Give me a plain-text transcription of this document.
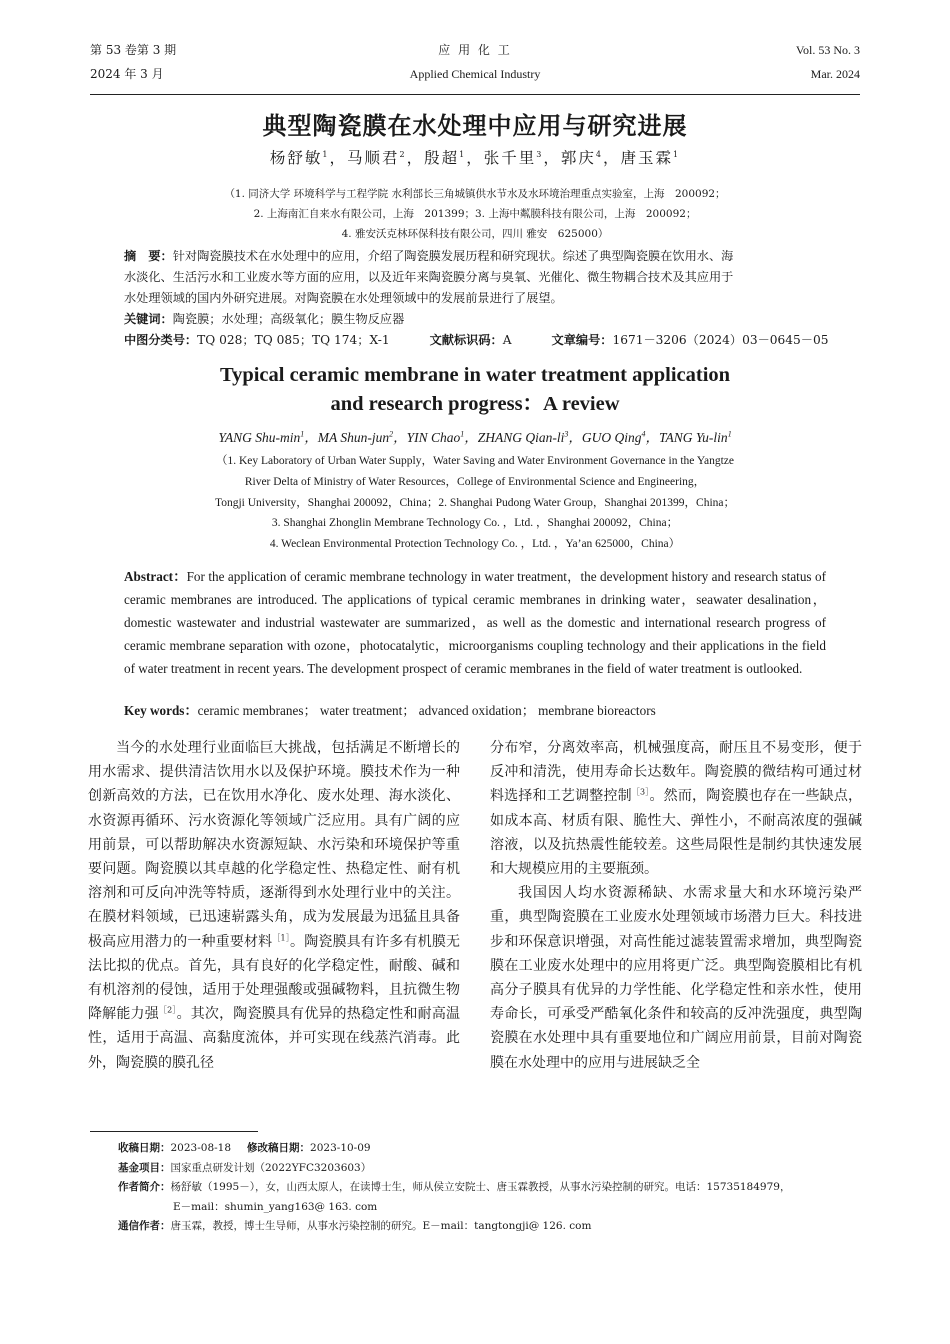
第 53 卷第 3 期
2024 年 3 月
应 用 化 工
Applied Chemical Industry
Vol. 53 No. 3
Mar. 2024
典型陶瓷膜在水处理中应用与研究进展
杨舒敏$^1$，马顺君$^2$，殷超$^1$，张千里$^3$，郭庆$^4$，唐玉霖$^1$
（1. 同济大学 环境科学与工程学院 水利部长三角城镇供水节水及水环境治理重点实验室，上海　200092；
2. 上海南汇自来水有限公司，上海　201399；3. 上海中粼膜科技有限公司，上海　200092；
4. 雅安沃克林环保科技有限公司，四川 雅安　625000）
摘　要：针对陶瓷膜技术在水处理中的应用，介绍了陶瓷膜发展历程和研究现状。综述了典型陶瓷膜在饮用水、海
水淡化、生活污水和工业废水等方面的应用，以及近年来陶瓷膜分离与臭氧、光催化、微生物耦合技术及其应用于
水处理领域的国内外研究进展。对陶瓷膜在水处理领域中的发展前景进行了展望。
关键词：陶瓷膜；水处理；高级氧化；膜生物反应器
中图分类号：TQ 028；TQ 085；TQ 174；X-1	文献标识码：A	文章编号：1671－3206（2024）03－0645－05
Typical ceramic membrane in water treatment application
and research progress：A review
YANG Shu-$\min^1$，MA Shun-jun$^2$，YIN Chao$^1$，ZHANG Qian-$li^3$，GUO Qing$^4$，TANG Yu-lin$^1$
（1. Key Laboratory of Urban Water Supply，Water Saving and Water Environment Governance in the Yangtze
River Delta of Ministry of Water Resources，College of Environmental Science and Engineering，
Tongji University，Shanghai 200092，China；2. Shanghai Pudong Water Group，Shanghai 201399，China；
3. Shanghai Zhonglin Membrane Technology Co. ，Ltd. ，Shanghai 200092，China；
4. Weclean Environmental Protection Technology Co. ，Ltd. ，Ya’an 625000，China）
Abstract：For the application of ceramic membrane technology in water treatment，the development history and research status of ceramic membranes are introduced. The applications of typical ceramic membranes in drinking water，seawater desalination，domestic wastewater and industrial wastewater are summarized，as well as the domestic and international research progress of ceramic membrane separation with ozone，photocatalytic，microorganisms coupling technology and their applications in the field of water treatment in recent years. The development prospect of ceramic membranes in the field of water treatment is outlooked.
Key words：ceramic membranes； water treatment； advanced oxidation； membrane bioreactors

当今的水处理行业面临巨大挑战，包括满足不断增长的用水需求、提供清洁饮用水以及保护环境。膜技术作为一种创新高效的方法，已在饮用水净化、废水处理、海水淡化、水资源再循环、污水资源化等领域广泛应用。具有广阔的应用前景，可以帮助解决水资源短缺、水污染和环境保护等重要问题。陶瓷膜以其卓越的化学稳定性、热稳定性、耐有机溶剂和可反向冲洗等特质，逐渐得到水处理行业中的关注。在膜材料领域，已迅速崭露头角，成为发展最为迅猛且具备极高应用潜力的一种重要材料$^{[1]}$。陶瓷膜具有许多有机膜无法比拟的优点。首先，具有良好的化学稳定性，耐酸、碱和有机溶剂的侵蚀，适用于处理强酸或强碱物料，且抗微生物降解能力强$^{[2]}$。其次，陶瓷膜具有优异的热稳定性和耐高温性，适用于高温、高黏度流体，并可实现在线蒸汽消毒。此外，陶瓷膜的膜孔径

分布窄，分离效率高，机械强度高，耐压且不易变形，便于反冲和清洗，使用寿命长达数年。陶瓷膜的微结构可通过材料选择和工艺调整控制$^{[3]}$。然而，陶瓷膜也存在一些缺点，如成本高、材质有限、脆性大、弹性小，不耐高浓度的强碱溶液，以及抗热震性能较差。这些局限性是制约其快速发展和大规模应用的主要瓶颈。

我国因人均水资源稀缺、水需求量大和水环境污染严重，典型陶瓷膜在工业废水处理领域市场潜力巨大。科技进步和环保意识增强，对高性能过滤装置需求增加，典型陶瓷膜在工业废水处理中的应用将更广泛。典型陶瓷膜相比有机高分子膜具有优异的力学性能、化学稳定性和亲水性，使用寿命长，可承受严酷氧化条件和较高的反冲洗强度，典型陶瓷膜在水处理中具有重要地位和广阔应用前景，目前对陶瓷膜在水处理中的应用与进展缺乏全

收稿日期：2023-08-18 修改稿日期：2023-10-09
基金项目：国家重点研发计划（2022YFC3203603）
作者简介：杨舒敏（1995－），女，山西太原人，在读博士生，师从侯立安院士、唐玉霖教授，从事水污染控制的研究。电话：15735184979，
E－mail：shumin_yang163@ 163. com
通信作者：唐玉霖，教授，博士生导师，从事水污染控制的研究。E－mail：tangtongji@ 126. com
